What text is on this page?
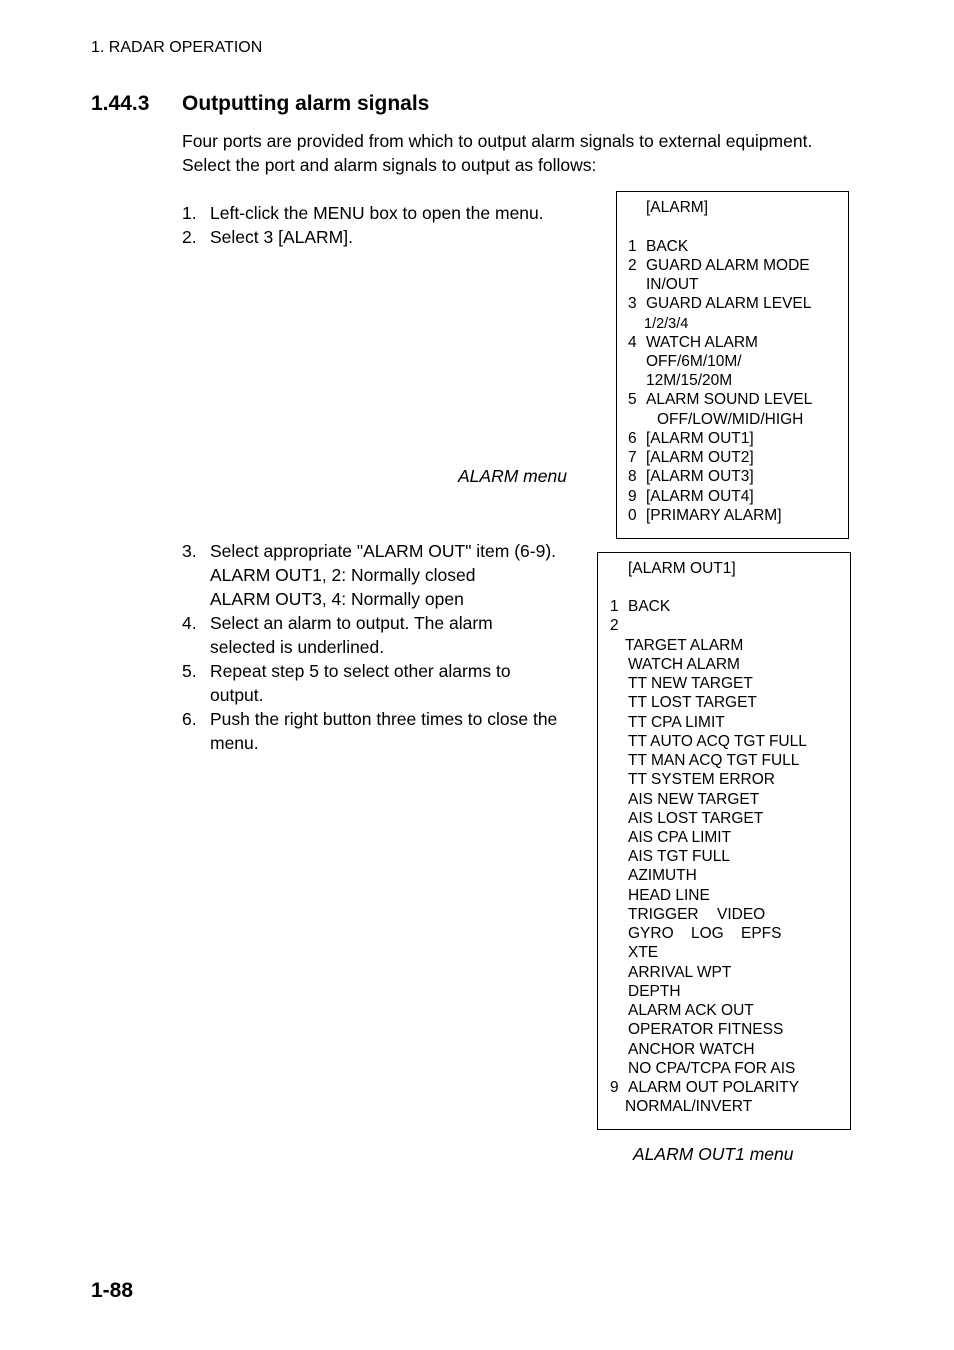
1. RADAR OPERATION
1.44.3 Outputting alarm signals

Four ports are provided from which to output alarm signals to external equipment.

Select the port and alarm signals to output as follows:

1. Left-click the MENU box to open the menu.
2. Select 3 [ALARM].
ALARM menu
3. Select appropriate "ALARM OUT" item (6-9).
ALARM OUT1, 2: Normally closed
ALARM OUT3, 4: Normally open
4. Select an alarm to output. The alarm
selected is underlined.
5. Repeat step 5 to select other alarms to
output.
6. Push the right button three times to close the
menu.
[ALARM]
1 BACK
2 GUARD ALARM MODE
IN/OUT
3 GUARD ALARM LEVEL
1/2/3/4
4 WATCH ALARM
OFF/6M/10M/
12M/15/20M
5 ALARM SOUND LEVEL
OFF/LOW/MID/HIGH
6 [ALARM OUT1]
7 [ALARM OUT2]
8 [ALARM OUT3]
9 [ALARM OUT4]
0 [PRIMARY ALARM]
[ALARM OUT1]
1 BACK
2
TARGET ALARM
WATCH ALARM
TT NEW TARGET
TT LOST TARGET
TT CPA LIMIT
TT AUTO ACQ TGT FULL
TT MAN ACQ TGT FULL
TT SYSTEM ERROR
AIS NEW TARGET
AIS LOST TARGET
AIS CPA LIMIT
AIS TGT FULL
AZIMUTH
HEAD LINE
TRIGGER VIDEO
GYRO LOG EPFS
XTE
ARRIVAL WPT
DEPTH
ALARM ACK OUT
OPERATOR FITNESS
ANCHOR WATCH
NO CPA/TCPA FOR AIS
9 ALARM OUT POLARITY
NORMAL/INVERT
ALARM OUT1 menu
1-88
